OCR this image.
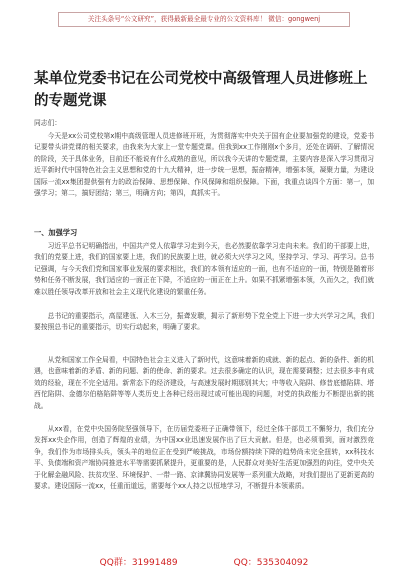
关注头条号“公文研究”，获得最新最全最专业的公文资料库！ 微信：gongwenj
某单位党委书记在公司党校中高级管理人员进修班上的专题党课

同志们：

今天是xx公司党校第x期中高级管理人员进修班开班，为贯彻落实中央关于国有企业要加强党的建设，党委书记要带头讲党课的相关要求，由我来为大家上一堂专题党课。但我到xx工作刚刚x个多月，还处在调研、了解情况的阶段，关于具体业务，目前还不能说有什么成熟的意见，所以我今天讲的专题党课，主要内容是深入学习贯彻习近平新时代中国特色社会主义思想和党的十九大精神，进一步统一思想，振奋精神，增强本领，凝聚力量，为建设国际一流xx集团提供强有力的政治保障、思想保障、作风保障和组织保障。下面，我重点谈四个方面：第一，加强学习；第二，搞好团结；第三，明确方向；第四，真抓实干。

一、加强学习

习近平总书记明确指出，中国共产党人依靠学习走到今天，也必然要依靠学习走向未来。我们的干部要上进，我们的党要上进，我们的国家要上进，我们的民族要上进，就必须大兴学习之风，坚持学习、学习、再学习。总书记强调，与今天我们党和国家事业发展的要求相比，我们的本领有适应的一面，也有不适应的一面，特别是随着形势和任务不断发展，我们适应的一面正在下降，不适应的一面正在上升。如果不抓紧增强本领，久而久之，我们就难以胜任领导改革开放和社会主义现代化建设的繁重任务。

总书记的重要指示，高屋建瓴、入木三分，振聋发聩，揭示了新形势下党全党上下进一步大兴学习之风，我们要按照总书记的重要指示，切实行动起来，明确了要求。

从党和国家工作全局看，中国特色社会主义进入了新时代，这意味着新的成就、新的起点、新的条件、新的机遇，也意味着新的矛盾、新的问题、新的使命、新的要求。过去很多确定的认识，现在需要调整；过去很多非有成效的经验，现在不完全适用。新常态下的经济建设，与高速发展时期那别其大；中等收入陷阱、修昔底德陷阱、塔西佗陷阱、金德尔伯格陷阱等等人类历史上各种已经出现过或可能出现的问题，对党的执政能力不断提出新的挑战。

从xx看，在党中央国务院坚强领导下，在历届党委班子正确带领下，经过全体干部员工不懈努力，我们充分发挥xx央企作用，创造了辉煌的业绩，为中国xx业迅速发展作出了巨大贡献。但是，也必须看到，面对激烈竞争，我们作为市场排头兵，领头羊的地位正在受到严峻挑战，市场份额持续下降的趋势尚未完全扭转，xx科技水平、负债端和资产端协同推进水平等需要抓紧提升，更重要的是，人民群众对美好生活更加强烈的向往，党中央关于化解金融风险、扶贫攻坚、环境保护、一带一路、京津冀协同发展等一系列重大战略，对我们提出了更新更高的要求。建设国际一流xx，任重而道远，需要每个xx人持之以恒地学习，不断提升本领素质。

QQ群：31991489	QQ：535304092
